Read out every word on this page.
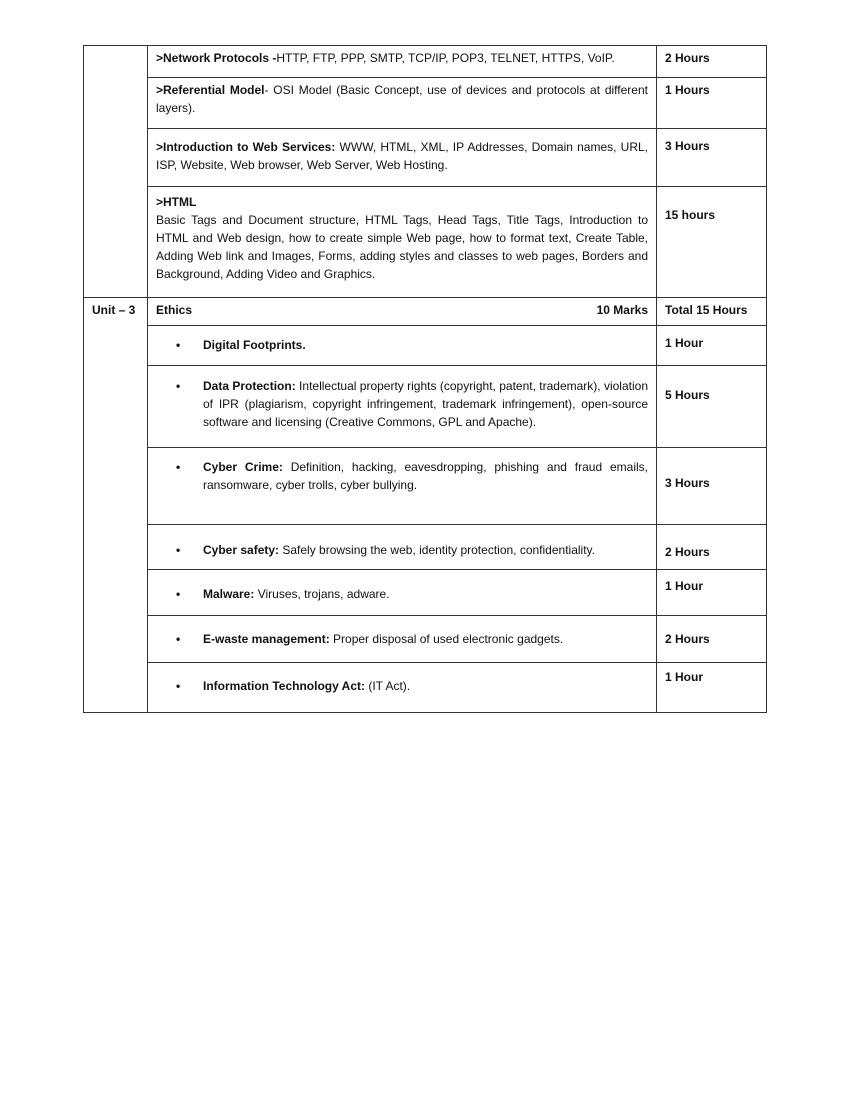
	>Network Protocols -HTTP, FTP, PPP, SMTP, TCP/IP, POP3, TELNET, HTTPS, VoIP.	2 Hours
	>Referential Model- OSI Model (Basic Concept, use of devices and protocols at different layers).	1 Hours
	>Introduction to Web Services: WWW, HTML, XML, IP Addresses, Domain names, URL, ISP, Website, Web browser, Web Server, Web Hosting.	3 Hours

	>HTML
Basic Tags and Document structure, HTML Tags, Head Tags, Title Tags, Introduction to HTML and Web design, how to create simple Web page, how to format text, Create Table, Adding Web link and Images, Forms, adding styles and classes to web pages, Borders and Background, Adding Video and Graphics.	15 hours
Unit – 3	Ethics 10 Marks	Total 15 Hours

	• Digital Footprints.	1 Hour

	• Data Protection: Intellectual property rights (copyright, patent, trademark), violation of IPR (plagiarism, copyright infringement, trademark infringement), open-source software and licensing (Creative Commons, GPL and Apache).	5 Hours

	• Cyber Crime: Definition, hacking, eavesdropping, phishing and fraud emails, ransomware, cyber trolls, cyber bullying.	3 Hours

	• Cyber safety: Safely browsing the web, identity protection, confidentiality.	2 Hours

	• Malware: Viruses, trojans, adware.	1 Hour

	• E-waste management: Proper disposal of used electronic gadgets.	2 Hours

	• Information Technology Act: (IT Act).	1 Hour
